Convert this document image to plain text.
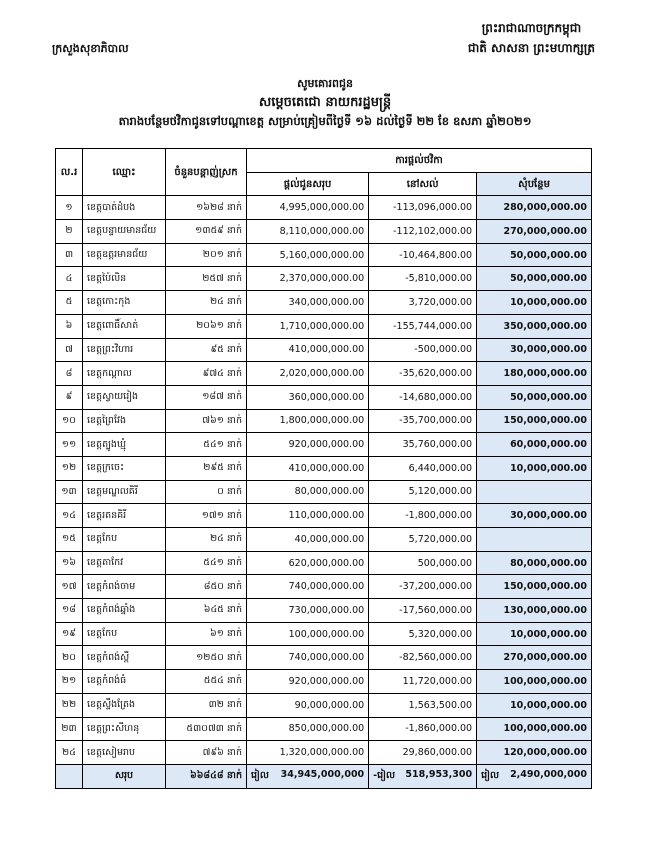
ព្រះរាជាណាចក្រកម្ពុជា
ជាតិ សាសនា ព្រះមហាក្សត្រ
ក្រសួងសុខាភិបាល
សូមគោរពជូន
សម្តេចតេជោ នាយករដ្ឋមន្ត្រី
តារាងបន្ថែមថវិកាជូនទៅបណ្តាខេត្ត សម្រាប់គ្រៀមពីថ្ងៃទី ១៦ ដល់ថ្ងៃទី ២២ ខែ ឧសភា ឆ្នាំ២០២១
ល.រ	ឈ្មោះ	ចំនួនបន្តាញ់ស្រក	ការផ្តល់ថវិកា		
			ផ្តល់ជូនសរុប	នៅសល់	សុំបន្ថែម
១	ខេត្តបាត់ដំបង	១៦២៨ នាក់	4,995,000,000.00	-113,096,000.00	280,000,000.00
២	ខេត្តបន្ទាយមានជ័យ	១៣៥៩ នាក់	8,110,000,000.00	-112,102,000.00	270,000,000.00
៣	ខេត្តឧត្តរមានជ័យ	២០១ នាក់	5,160,000,000.00	-10,464,800.00	50,000,000.00
៤	ខេត្តប៉ៃលិន	២៥៧ នាក់	2,370,000,000.00	-5,810,000.00	50,000,000.00
៥	ខេត្តកោះកុង	២៤ នាក់	340,000,000.00	3,720,000.00	10,000,000.00
៦	ខេត្តពោធិ៍សាត់	២០៦១ នាក់	1,710,000,000.00	-155,744,000.00	350,000,000.00
៧	ខេត្តព្រះវិហារ	៩៥ នាក់	410,000,000.00	-500,000.00	30,000,000.00
៨	ខេត្តកណ្តាល	៩៧៤ នាក់	2,020,000,000.00	-35,620,000.00	180,000,000.00
៩	ខេត្តស្វាយរៀង	១៨៧ នាក់	360,000,000.00	-14,680,000.00	50,000,000.00
១០	ខេត្តព្រៃវែង	៧៦១ នាក់	1,800,000,000.00	-35,700,000.00	150,000,000.00
១១	ខេត្តត្បូងឃ្មុំ	៥៤១ នាក់	920,000,000.00	35,760,000.00	60,000,000.00
១២	ខេត្តក្រចេះ	២៩៥ នាក់	410,000,000.00	6,440,000.00	10,000,000.00
១៣	ខេត្តមណ្ឌលគិរី	០ នាក់	80,000,000.00	5,120,000.00	
១៤	ខេត្តរតនគិរី	១៧១ នាក់	110,000,000.00	-1,800,000.00	30,000,000.00
១៥	ខេត្តកែប	២៤ នាក់	40,000,000.00	5,720,000.00	
១៦	ខេត្តតាកែវ	៥៤១ នាក់	620,000,000.00	500,000.00	80,000,000.00
១៧	ខេត្តកំពង់ចាម	៨៥០ នាក់	740,000,000.00	-37,200,000.00	150,000,000.00
១៨	ខេត្តកំពង់ឆ្នាំង	៦៤៥ នាក់	730,000,000.00	-17,560,000.00	130,000,000.00
១៩	ខេត្តកែប	៦១ នាក់	100,000,000.00	5,320,000.00	10,000,000.00
២០	ខេត្តកំពង់ស្ពឺ	១២៥០ នាក់	740,000,000.00	-82,560,000.00	270,000,000.00
២១	ខេត្តកំពង់ធំ	៥៥៤ នាក់	920,000,000.00	11,720,000.00	100,000,000.00
២២	ខេត្តស្ទឹងត្រែង	៣២ នាក់	90,000,000.00	1,563,500.00	10,000,000.00
២៣	ខេត្តព្រះសីហនុ	៥៣០៧៣ នាក់	850,000,000.00	-1,860,000.00	100,000,000.00
២៤	ខេត្តសៀមរាប	៧៩៦ នាក់	1,320,000,000.00	29,860,000.00	120,000,000.00
	សរុប	៦៦៨៤៨ នាក់	រៀល 34,945,000,000	-រៀល 518,953,300	រៀល 2,490,000,000
